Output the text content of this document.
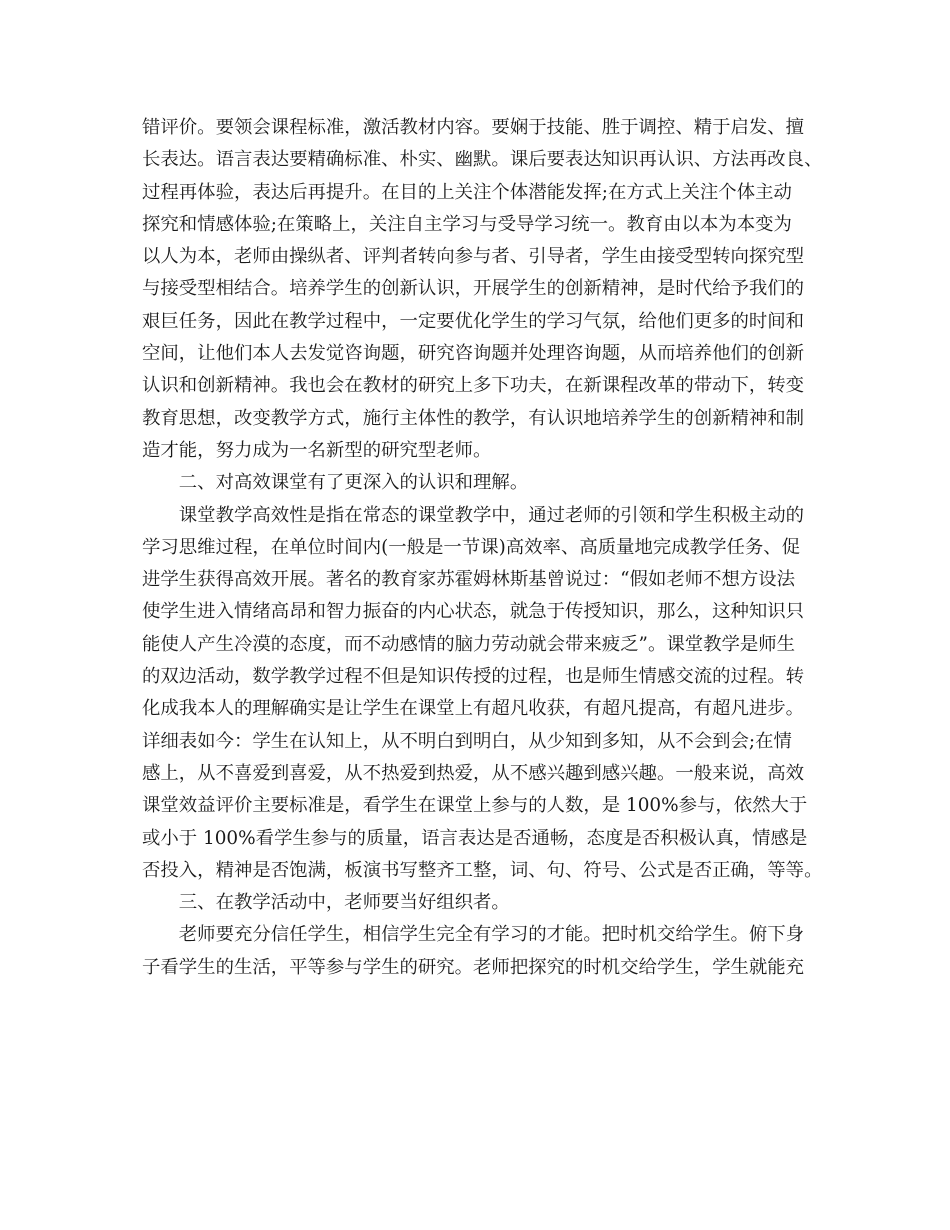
错评价。要领会课程标准，激活教材内容。要娴于技能、胜于调控、精于启发、擅
长表达。语言表达要精确标准、朴实、幽默。课后要表达知识再认识、方法再改良、
过程再体验，表达后再提升。在目的上关注个体潜能发挥;在方式上关注个体主动
探究和情感体验;在策略上，关注自主学习与受导学习统一。教育由以本为本变为
以人为本，老师由操纵者、评判者转向参与者、引导者，学生由接受型转向探究型
与接受型相结合。培养学生的创新认识，开展学生的创新精神，是时代给予我们的
艰巨任务，因此在教学过程中，一定要优化学生的学习气氛，给他们更多的时间和
空间，让他们本人去发觉咨询题，研究咨询题并处理咨询题，从而培养他们的创新
认识和创新精神。我也会在教材的研究上多下功夫，在新课程改革的带动下，转变
教育思想，改变教学方式，施行主体性的教学，有认识地培养学生的创新精神和制
造才能，努力成为一名新型的研究型老师。
　　二、对高效课堂有了更深入的认识和理解。
　　课堂教学高效性是指在常态的课堂教学中，通过老师的引领和学生积极主动的
学习思维过程，在单位时间内(一般是一节课)高效率、高质量地完成教学任务、促
进学生获得高效开展。著名的教育家苏霍姆林斯基曾说过：“假如老师不想方设法
使学生进入情绪高昂和智力振奋的内心状态，就急于传授知识，那么，这种知识只
能使人产生冷漠的态度，而不动感情的脑力劳动就会带来疲乏”。课堂教学是师生
的双边活动，数学教学过程不但是知识传授的过程，也是师生情感交流的过程。转
化成我本人的理解确实是让学生在课堂上有超凡收获，有超凡提高，有超凡进步。
详细表如今：学生在认知上，从不明白到明白，从少知到多知，从不会到会;在情
感上，从不喜爱到喜爱，从不热爱到热爱，从不感兴趣到感兴趣。一般来说，高效
课堂效益评价主要标准是，看学生在课堂上参与的人数，是 100%参与，依然大于
或小于 100%看学生参与的质量，语言表达是否通畅，态度是否积极认真，情感是
否投入，精神是否饱满，板演书写整齐工整，词、句、符号、公式是否正确，等等。
　　三、在教学活动中，老师要当好组织者。
　　老师要充分信任学生，相信学生完全有学习的才能。把时机交给学生。俯下身
子看学生的生活，平等参与学生的研究。老师把探究的时机交给学生，学生就能充
